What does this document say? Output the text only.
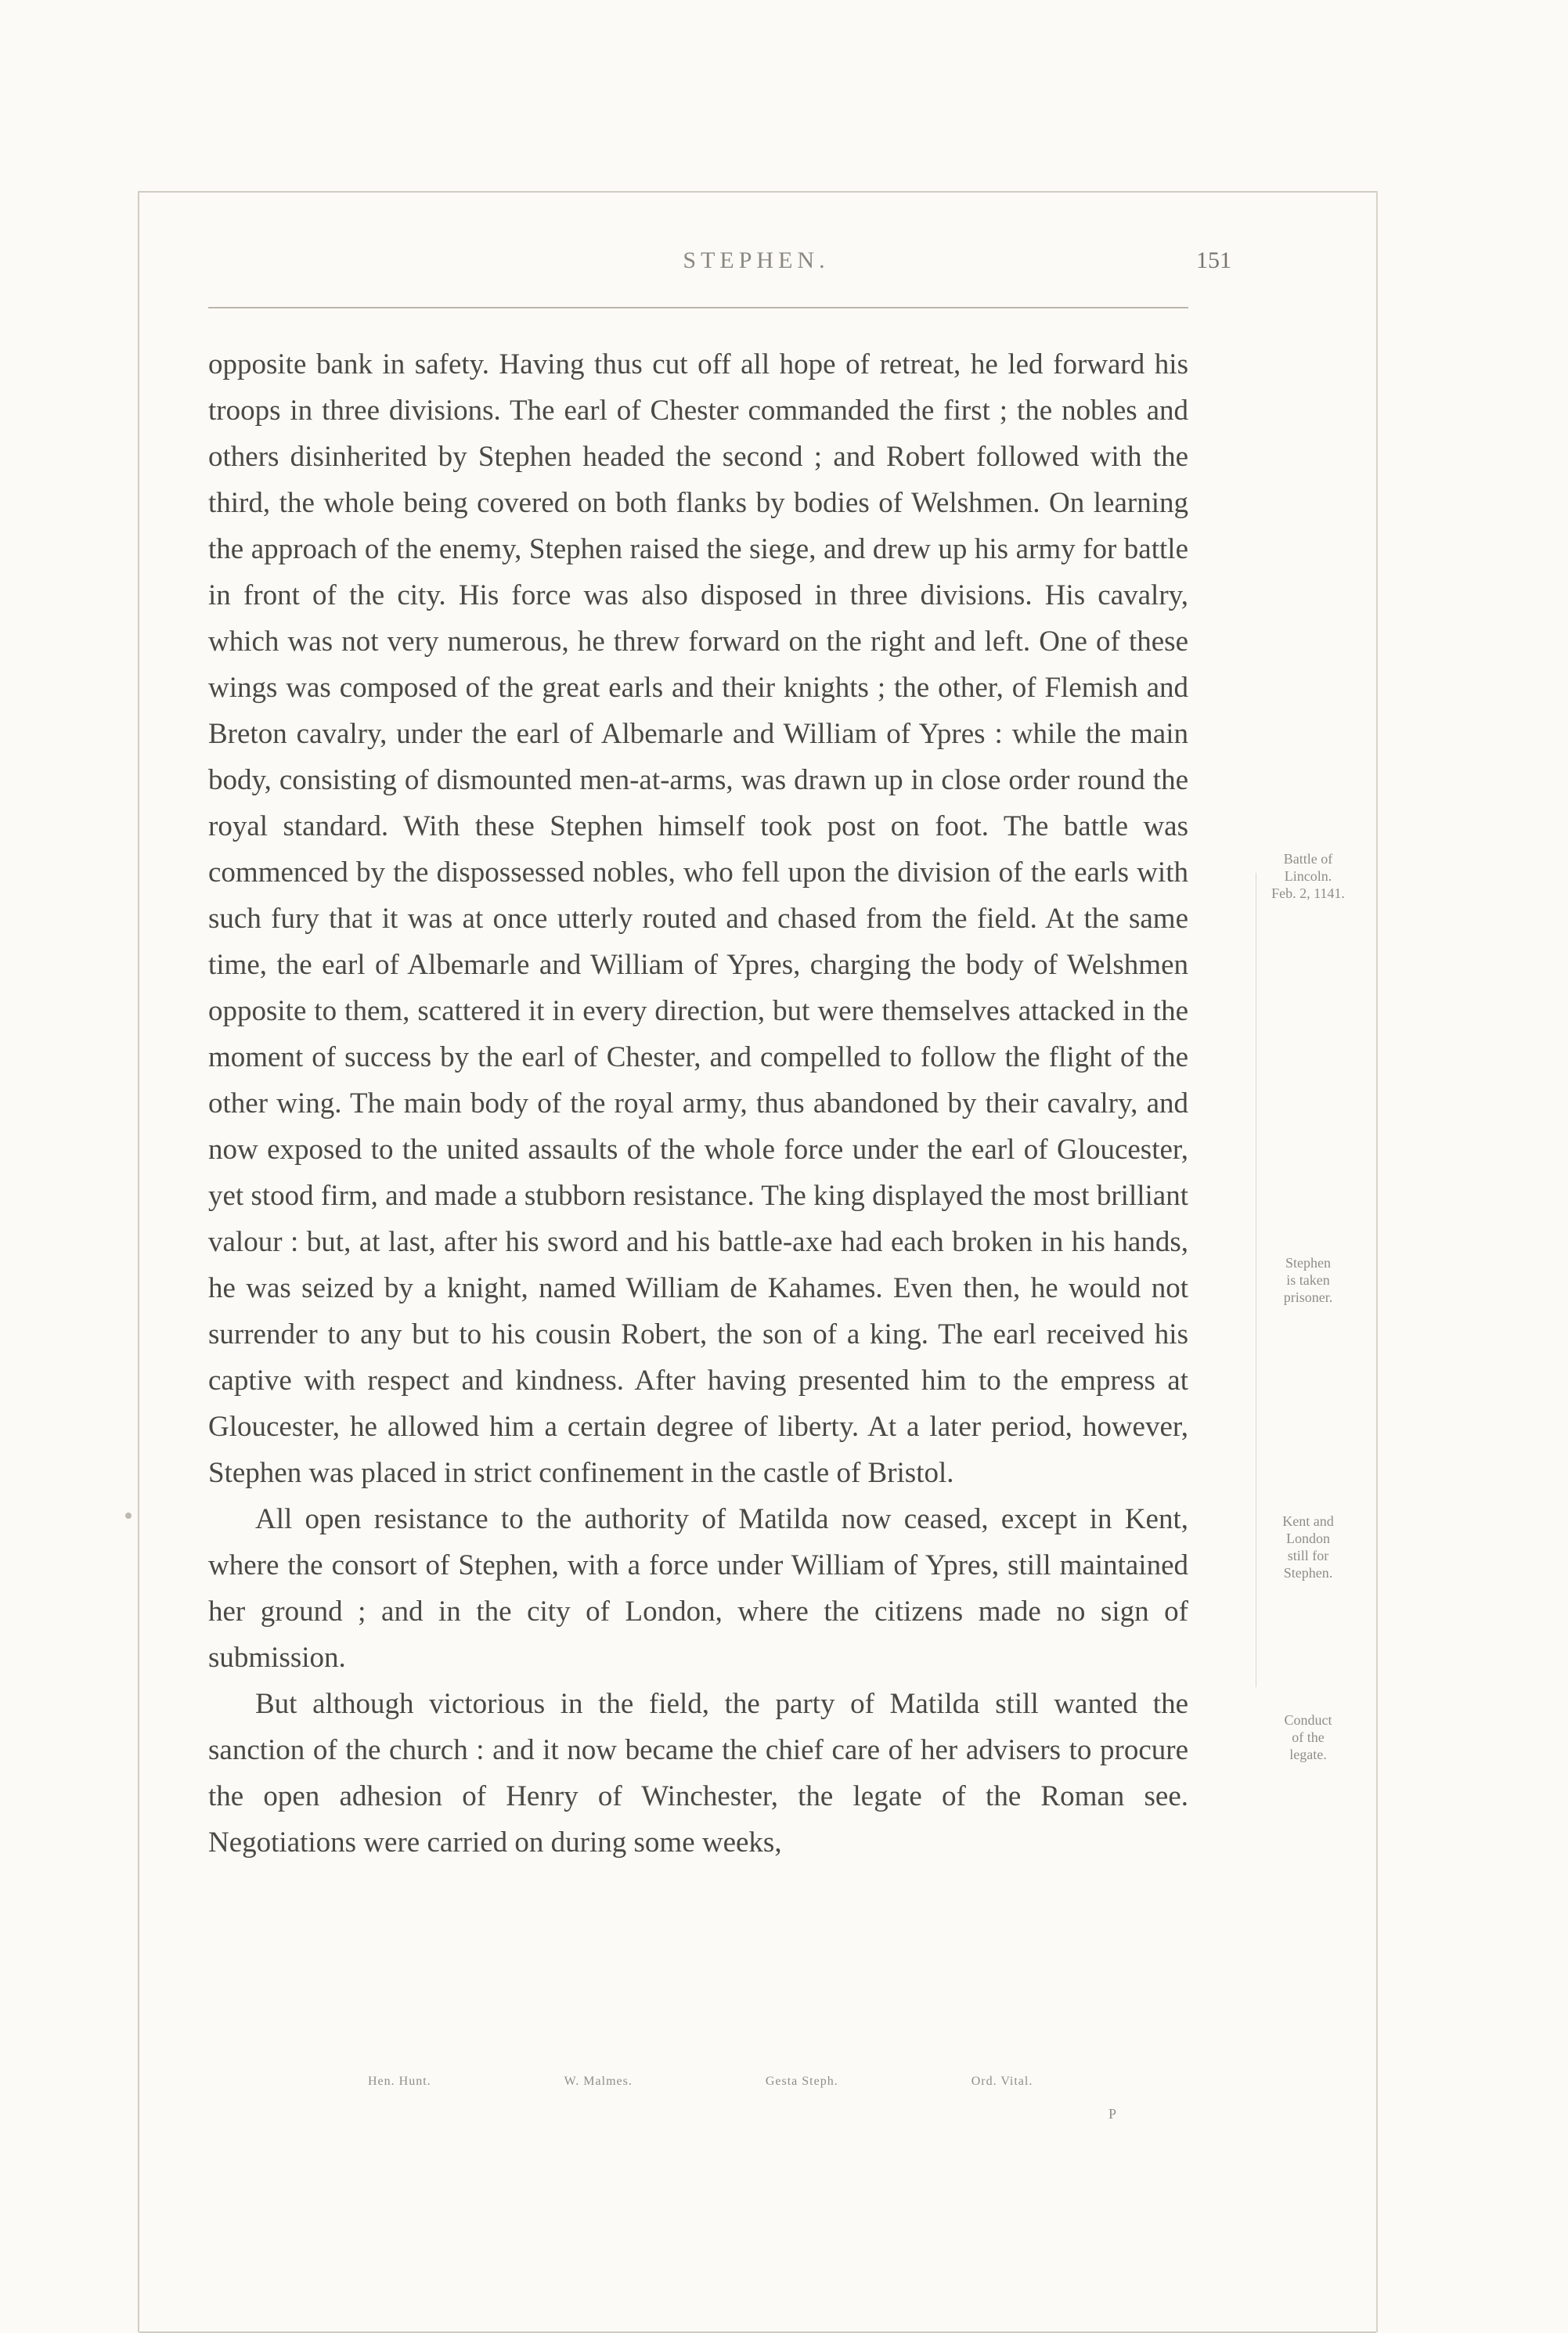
STEPHEN.	151

opposite bank in safety. Having thus cut off all hope of retreat, he led forward his troops in three divisions. The earl of Chester commanded the first ; the nobles and others disinherited by Stephen headed the second ; and Robert followed with the third, the whole being covered on both flanks by bodies of Welshmen. On learning the approach of the enemy, Stephen raised the siege, and drew up his army for battle in front of the city. His force was also disposed in three divisions. His cavalry, which was not very numerous, he threw forward on the right and left. One of these wings was composed of the great earls and their knights ; the other, of Flemish and Breton cavalry, under the earl of Albemarle and William of Ypres : while the main body, consisting of dismounted men-at-arms, was drawn up in close order round the royal standard. With these Stephen himself took post on foot. The battle was commenced by the dispossessed nobles, who fell upon the division of the earls with such fury that it was at once utterly routed and chased from the field. At the same time, the earl of Albemarle and William of Ypres, charging the body of Welshmen opposite to them, scattered it in every direction, but were themselves attacked in the moment of success by the earl of Chester, and compelled to follow the flight of the other wing. The main body of the royal army, thus abandoned by their cavalry, and now exposed to the united assaults of the whole force under the earl of Gloucester, yet stood firm, and made a stubborn resistance. The king displayed the most brilliant valour : but, at last, after his sword and his battle-axe had each broken in his hands, he was seized by a knight, named William de Kahames. Even then, he would not surrender to any but to his cousin Robert, the son of a king. The earl received his captive with respect and kindness. After having presented him to the empress at Gloucester, he allowed him a certain degree of liberty. At a later period, however, Stephen was placed in strict confinement in the castle of Bristol.

All open resistance to the authority of Matilda now ceased, except in Kent, where the consort of Stephen, with a force under William of Ypres, still maintained her ground ; and in the city of London, where the citizens made no sign of submission.

But although victorious in the field, the party of Matilda still wanted the sanction of the church : and it now became the chief care of her advisers to procure the open adhesion of Henry of Winchester, the legate of the Roman see. Negotiations were carried on during some weeks,

Battle of
Lincoln.
Feb. 2, 1141.
Stephen
is taken
prisoner.
Kent and
London
still for
Stephen.
Conduct
of the
legate.
Hen. Hunt.	W. Malmes.	Gesta Steph.	Ord. Vital.
P
